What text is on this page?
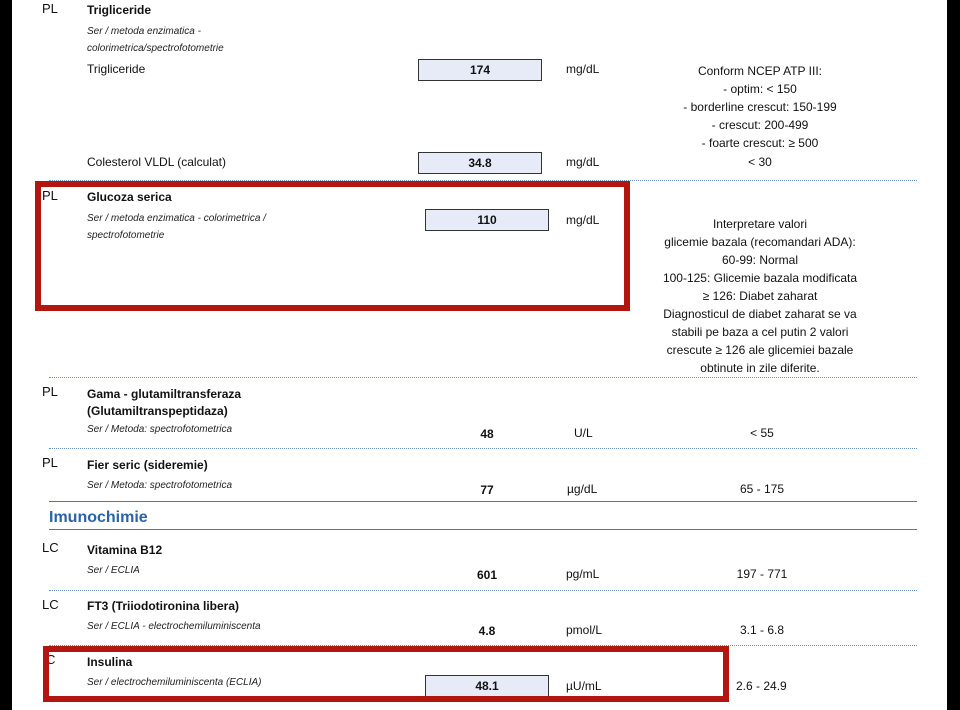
PL Trigliceride
Ser / metoda enzimatica -
colorimetrica/spectrofotometrie
Trigliceride	174	mg/dL	Conform NCEP ATP III:
- optim: < 150
- borderline crescut: 150-199
- crescut: 200-499
- foarte crescut: ≥ 500
Colesterol VLDL (calculat)	34.8	mg/dL	< 30
PL Glucoza serica
Ser / metoda enzimatica - colorimetrica /
spectrofotometrie
110	mg/dL	Interpretare valori
glicemie bazala (recomandari ADA):
60-99: Normal
100-125: Glicemie bazala modificata
≥ 126: Diabet zaharat
Diagnosticul de diabet zaharat se va
stabili pe baza a cel putin 2 valori
crescute ≥ 126 ale glicemiei bazale
obtinute in zile diferite.
PL Gama - glutamiltransferaza
(Glutamiltranspeptidaza)
Ser / Metoda: spectrofotometrica	48	U/L	< 55
PL Fier seric (sideremie)
Ser / Metoda: spectrofotometrica	77	µg/dL	65 - 175
Imunochimie
LC Vitamina B12
Ser / ECLIA	601	pg/mL	197 - 771
LC FT3 (Triiodotironina libera)
Ser / ECLIA - electrochemiluminiscenta	4.8	pmol/L	3.1 - 6.8
C	Insulina
Ser / electrochemiluminiscenta (ECLIA)	48.1	µU/mL	2.6 - 24.9
